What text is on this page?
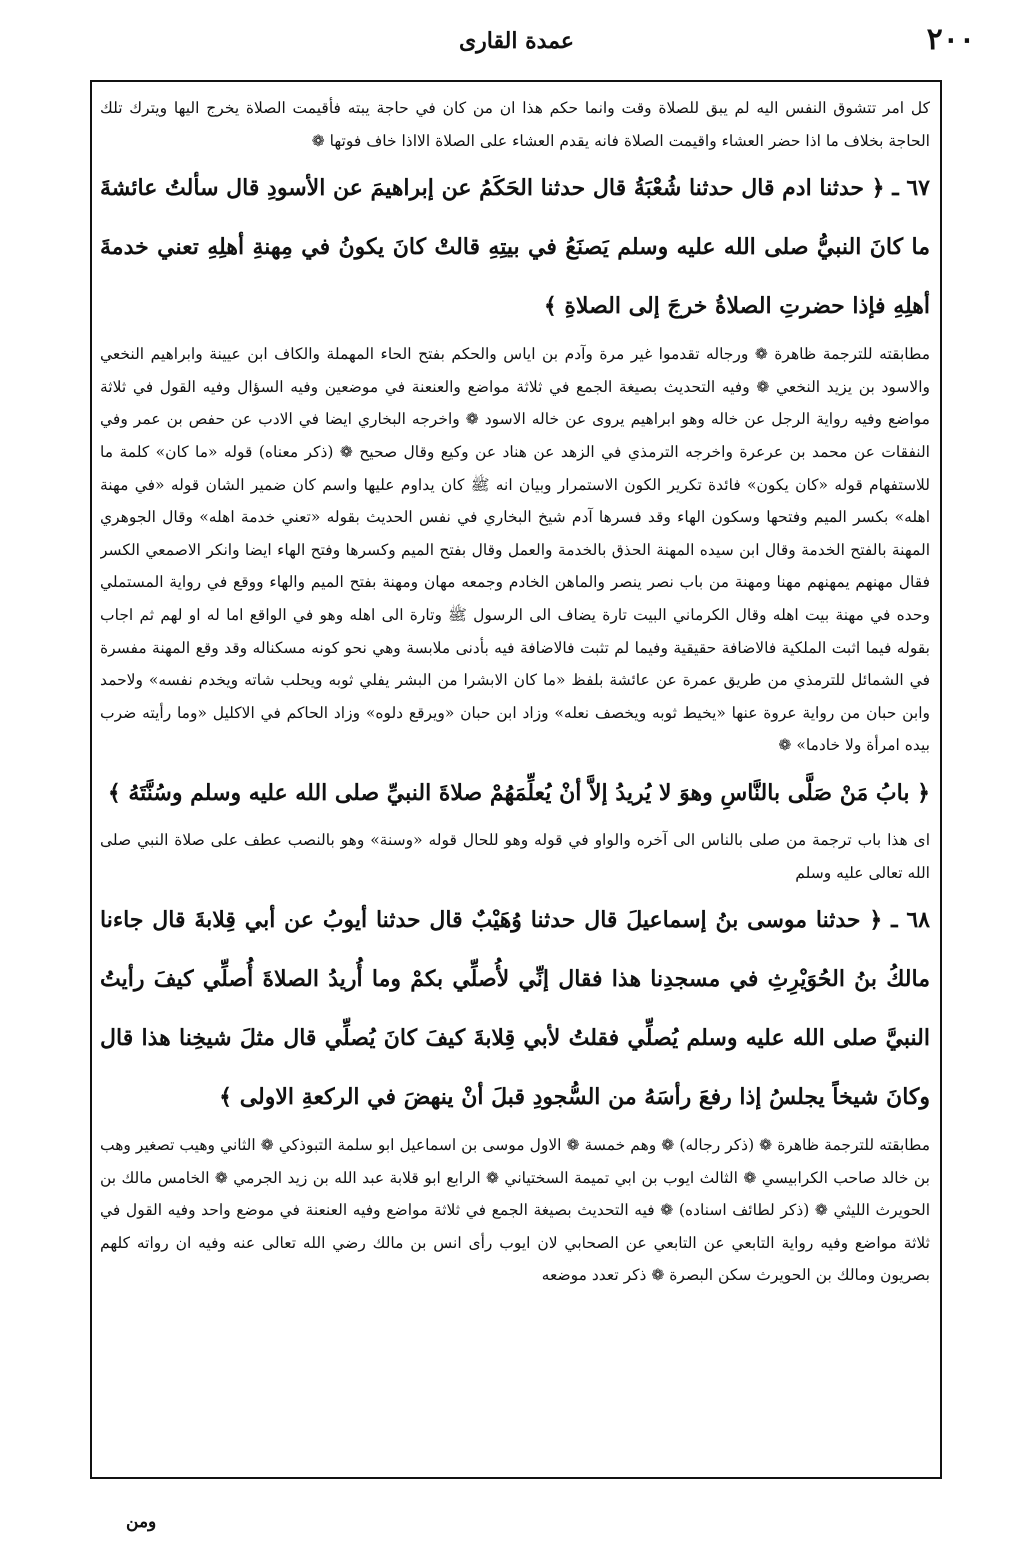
٢٠٠
عمدة القاری

كل امر تتشوق النفس اليه لم يبق للصلاة وقت وانما حكم هذا ان من كان في حاجة يبته فأقيمت الصلاة يخرج اليها ويترك تلك الحاجة بخلاف ما اذا حضر العشاء واقيمت الصلاة فانه يقدم العشاء على الصلاة الااذا خاف فوتها ❁

٦٧ ـ ﴿ حدثنا ادم قال حدثنا شُعْبَةُ قال حدثنا الحَكَمُ عن إبراهيمَ عن الأسودِ قال سألتُ عائشةَ ما كانَ النبيُّ صلى الله عليه وسلم يَصنَعُ في بيتِهِ قالتْ كانَ يكونُ في مِهنةِ أهلِهِ تعني خدمةَ أهلِهِ فإذا حضرتِ الصلاةُ خرجَ إلى الصلاةِ ﴾

مطابقته للترجمة ظاهرة ❁ ورجاله تقدموا غير مرة وآدم بن اياس والحكم بفتح الحاء المهملة والكاف ابن عيينة وابراهيم النخعي والاسود بن يزيد النخعي ❁ وفيه التحديث بصيغة الجمع في ثلاثة مواضع والعنعنة في موضعين وفيه السؤال وفيه القول في ثلاثة مواضع وفيه رواية الرجل عن خاله وهو ابراهيم يروى عن خاله الاسود ❁ واخرجه البخاري ايضا في الادب عن حفص بن عمر وفي النفقات عن محمد بن عرعرة واخرجه الترمذي في الزهد عن هناد عن وكيع وقال صحيح ❁ (ذكر معناه) قوله «ما كان» كلمة ما للاستفهام قوله «كان يكون» فائدة تكرير الكون الاستمرار وبيان انه ﷺ كان يداوم عليها واسم كان ضمير الشان قوله «في مهنة اهله» بكسر الميم وفتحها وسكون الهاء وقد فسرها آدم شيخ البخاري في نفس الحديث بقوله «تعني خدمة اهله» وقال الجوهري المهنة بالفتح الخدمة وقال ابن سيده المهنة الحذق بالخدمة والعمل وقال بفتح الميم وكسرها وفتح الهاء ايضا وانكر الاصمعي الكسر فقال مهنهم يمهنهم مهنا ومهنة من باب نصر ينصر والماهن الخادم وجمعه مهان ومهنة بفتح الميم والهاء ووقع في رواية المستملي وحده في مهنة بيت اهله وقال الكرماني البيت تارة يضاف الى الرسول ﷺ وتارة الى اهله وهو في الواقع اما له او لهم ثم اجاب بقوله فيما اثبت الملكية فالاضافة حقيقية وفيما لم تثبت فالاضافة فيه بأدنى ملابسة وهي نحو كونه مسكناله وقد وقع المهنة مفسرة في الشمائل للترمذي من طريق عمرة عن عائشة بلفظ «ما كان الابشرا من البشر يفلي ثوبه ويحلب شاته ويخدم نفسه» ولاحمد وابن حبان من رواية عروة عنها «يخيط ثوبه ويخصف نعله» وزاد ابن حبان «ويرقع دلوه» وزاد الحاكم في الاكليل «وما رأيته ضرب بيده امرأة ولا خادما» ❁

﴿ بابُ مَنْ صَلَّى بالنَّاسِ وهوَ لا يُريدُ إلاَّ أنْ يُعلِّمَهُمْ صلاةَ النبيِّ صلى الله عليه وسلم وسُنَّتَهُ ﴾

اى هذا باب ترجمة من صلى بالناس الى آخره والواو في قوله وهو للحال قوله «وسنة» وهو بالنصب عطف على صلاة النبي صلى الله تعالى عليه وسلم

٦٨ ـ ﴿ حدثنا موسى بنُ إسماعيلَ قال حدثنا وُهَيْبٌ قال حدثنا أيوبُ عن أبي قِلابةَ قال جاءنا مالكُ بنُ الحُوَيْرِثِ في مسجدِنا هذا فقال إنِّي لأُصلِّي بكمْ وما أُريدُ الصلاةَ أُصلِّي كيفَ رأيتُ النبيَّ صلى الله عليه وسلم يُصلِّي فقلتُ لأبي قِلابةَ كيفَ كانَ يُصلِّي قال مثلَ شيخِنا هذا قال وكانَ شيخاً يجلسُ إذا رفعَ رأسَهُ من السُّجودِ قبلَ أنْ ينهضَ في الركعةِ الاولى ﴾

مطابقته للترجمة ظاهرة ❁ (ذكر رجاله) ❁ وهم خمسة ❁ الاول موسى بن اسماعيل ابو سلمة التبوذكي ❁ الثاني وهيب تصغير وهب بن خالد صاحب الكرابيسي ❁ الثالث ايوب بن ابي تميمة السختياني ❁ الرابع ابو قلابة عبد الله بن زيد الجرمي ❁ الخامس مالك بن الحويرث الليثي ❁ (ذكر لطائف اسناده) ❁ فيه التحديث بصيغة الجمع في ثلاثة مواضع وفيه العنعنة في موضع واحد وفيه القول في ثلاثة مواضع وفيه رواية التابعي عن التابعي عن الصحابي لان ايوب رأى انس بن مالك رضي الله تعالى عنه وفيه ان رواته كلهم بصريون ومالك بن الحويرث سكن البصرة ❁ ذكر تعدد موضعه

ومن
